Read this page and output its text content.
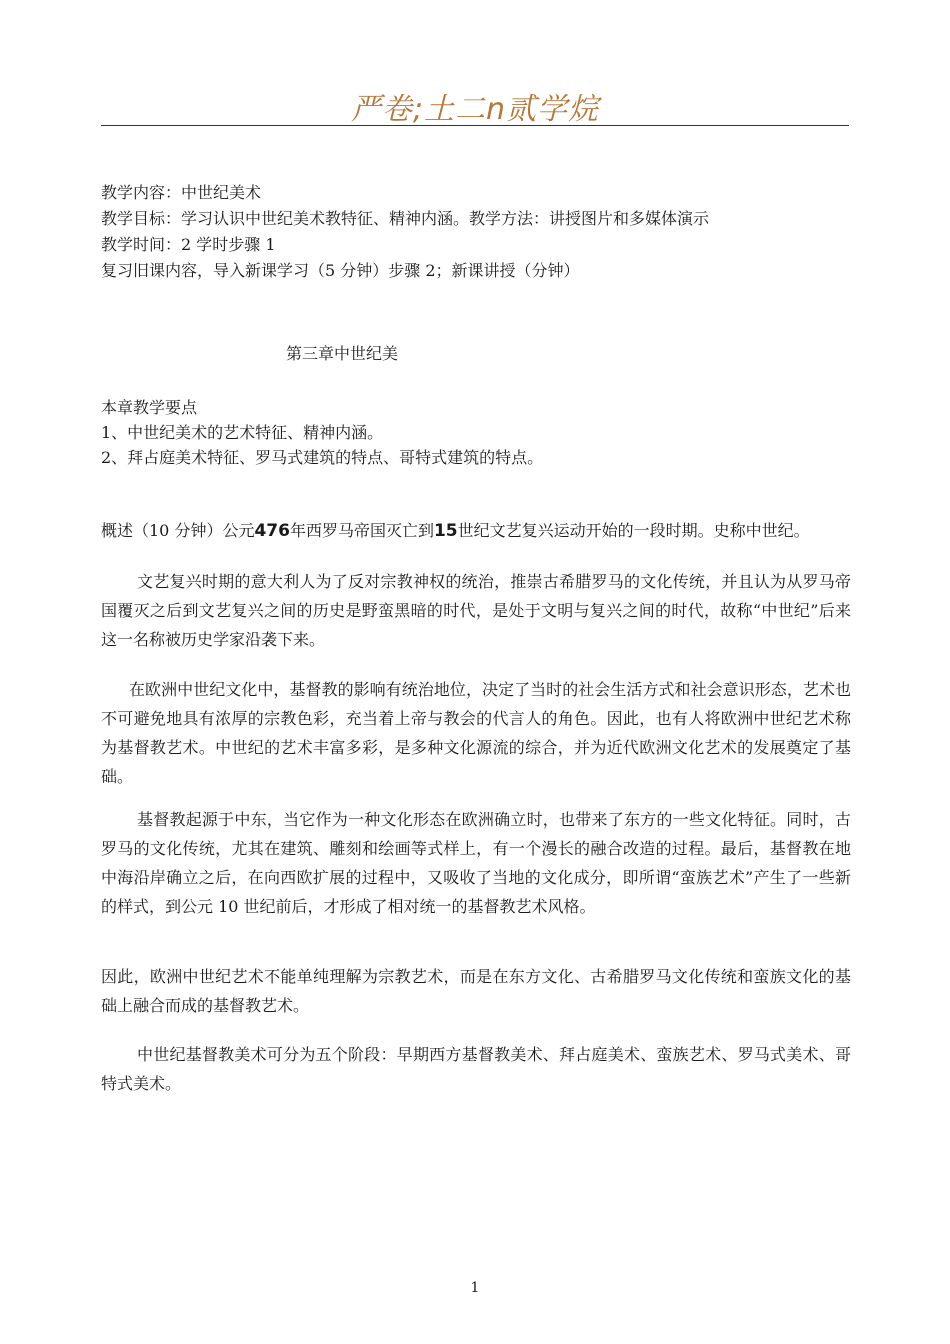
严卷;土二n贰学烷
教学内容：中世纪美术
教学目标：学习认识中世纪美术教特征、精神内涵。教学方法：讲授图片和多媒体演示
教学时间：2 学时步骤 1
复习旧课内容，导入新课学习（5 分钟）步骤 2；新课讲授（分钟）
第三章中世纪美
本章教学要点
1、中世纪美术的艺术特征、精神内涵。
2、拜占庭美术特征、罗马式建筑的特点、哥特式建筑的特点。
概述（10 分钟）公元476年西罗马帝国灭亡到15世纪文艺复兴运动开始的一段时期。史称中世纪。
文艺复兴时期的意大利人为了反对宗教神权的统治，推崇古希腊罗马的文化传统，并且认为从罗马帝国覆灭之后到文艺复兴之间的历史是野蛮黑暗的时代，是处于文明与复兴之间的时代，故称“中世纪”后来这一名称被历史学家沿袭下来。
在欧洲中世纪文化中，基督教的影响有统治地位，决定了当时的社会生活方式和社会意识形态，艺术也不可避免地具有浓厚的宗教色彩，充当着上帝与教会的代言人的角色。因此，也有人将欧洲中世纪艺术称为基督教艺术。中世纪的艺术丰富多彩，是多种文化源流的综合，并为近代欧洲文化艺术的发展奠定了基础。
基督教起源于中东，当它作为一种文化形态在欧洲确立时，也带来了东方的一些文化特征。同时，古罗马的文化传统，尤其在建筑、雕刻和绘画等式样上，有一个漫长的融合改造的过程。最后，基督教在地中海沿岸确立之后，在向西欧扩展的过程中，又吸收了当地的文化成分，即所谓“蛮族艺术”产生了一些新的样式，到公元 10 世纪前后，才形成了相对统一的基督教艺术风格。
因此，欧洲中世纪艺术不能单纯理解为宗教艺术，而是在东方文化、古希腊罗马文化传统和蛮族文化的基础上融合而成的基督教艺术。
中世纪基督教美术可分为五个阶段：早期西方基督教美术、拜占庭美术、蛮族艺术、罗马式美术、哥特式美术。
1
